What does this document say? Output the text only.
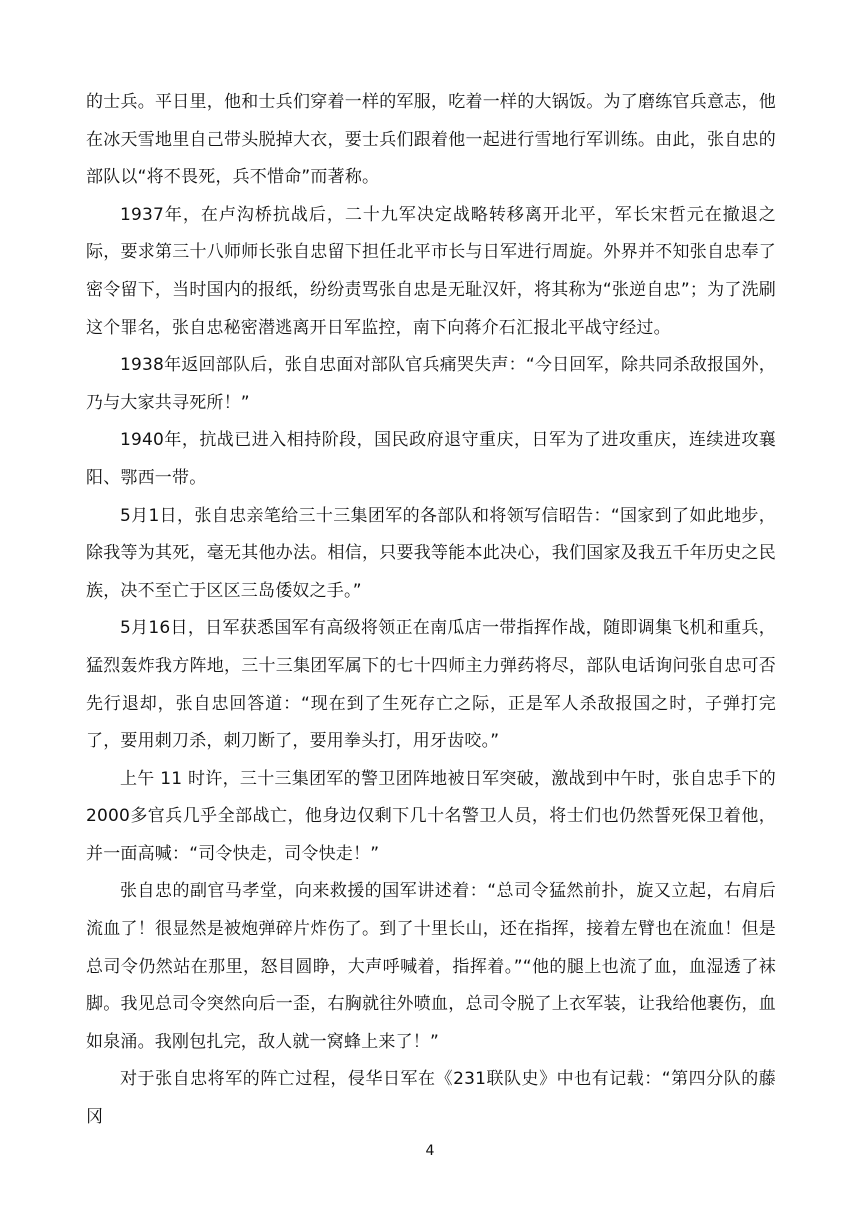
的士兵。平日里，他和士兵们穿着一样的军服，吃着一样的大锅饭。为了磨练官兵意志，他在冰天雪地里自己带头脱掉大衣，要士兵们跟着他一起进行雪地行军训练。由此，张自忠的部队以“将不畏死，兵不惜命”而著称。

1937年，在卢沟桥抗战后，二十九军决定战略转移离开北平，军长宋哲元在撤退之际，要求第三十八师师长张自忠留下担任北平市长与日军进行周旋。外界并不知张自忠奉了密令留下，当时国内的报纸，纷纷责骂张自忠是无耻汉奸，将其称为“张逆自忠”；为了洗刷这个罪名，张自忠秘密潜逃离开日军监控，南下向蒋介石汇报北平战守经过。

1938年返回部队后，张自忠面对部队官兵痛哭失声：“今日回军，除共同杀敌报国外，乃与大家共寻死所！”

1940年，抗战已进入相持阶段，国民政府退守重庆，日军为了进攻重庆，连续进攻襄阳、鄂西一带。

5月1日，张自忠亲笔给三十三集团军的各部队和将领写信昭告：“国家到了如此地步，除我等为其死，毫无其他办法。相信，只要我等能本此决心，我们国家及我五千年历史之民族，决不至亡于区区三岛倭奴之手。”

5月16日，日军获悉国军有高级将领正在南瓜店一带指挥作战，随即调集飞机和重兵，猛烈轰炸我方阵地，三十三集团军属下的七十四师主力弹药将尽，部队电话询问张自忠可否先行退却，张自忠回答道：“现在到了生死存亡之际，正是军人杀敌报国之时，子弹打完了，要用刺刀杀，刺刀断了，要用拳头打，用牙齿咬。”

上午 11 时许，三十三集团军的警卫团阵地被日军突破，激战到中午时，张自忠手下的2000多官兵几乎全部战亡，他身边仅剩下几十名警卫人员，将士们也仍然誓死保卫着他，并一面高喊：“司令快走，司令快走！”

张自忠的副官马孝堂，向来救援的国军讲述着：“总司令猛然前扑，旋又立起，右肩后流血了！很显然是被炮弹碎片炸伤了。到了十里长山，还在指挥，接着左臂也在流血！但是总司令仍然站在那里，怒目圆睁，大声呼喊着，指挥着。”“他的腿上也流了血，血湿透了袜脚。我见总司令突然向后一歪，右胸就往外喷血，总司令脱了上衣军装，让我给他裹伤，血如泉涌。我刚包扎完，敌人就一窝蜂上来了！”

对于张自忠将军的阵亡过程，侵华日军在《231联队史》中也有记载：“第四分队的藤冈

4
